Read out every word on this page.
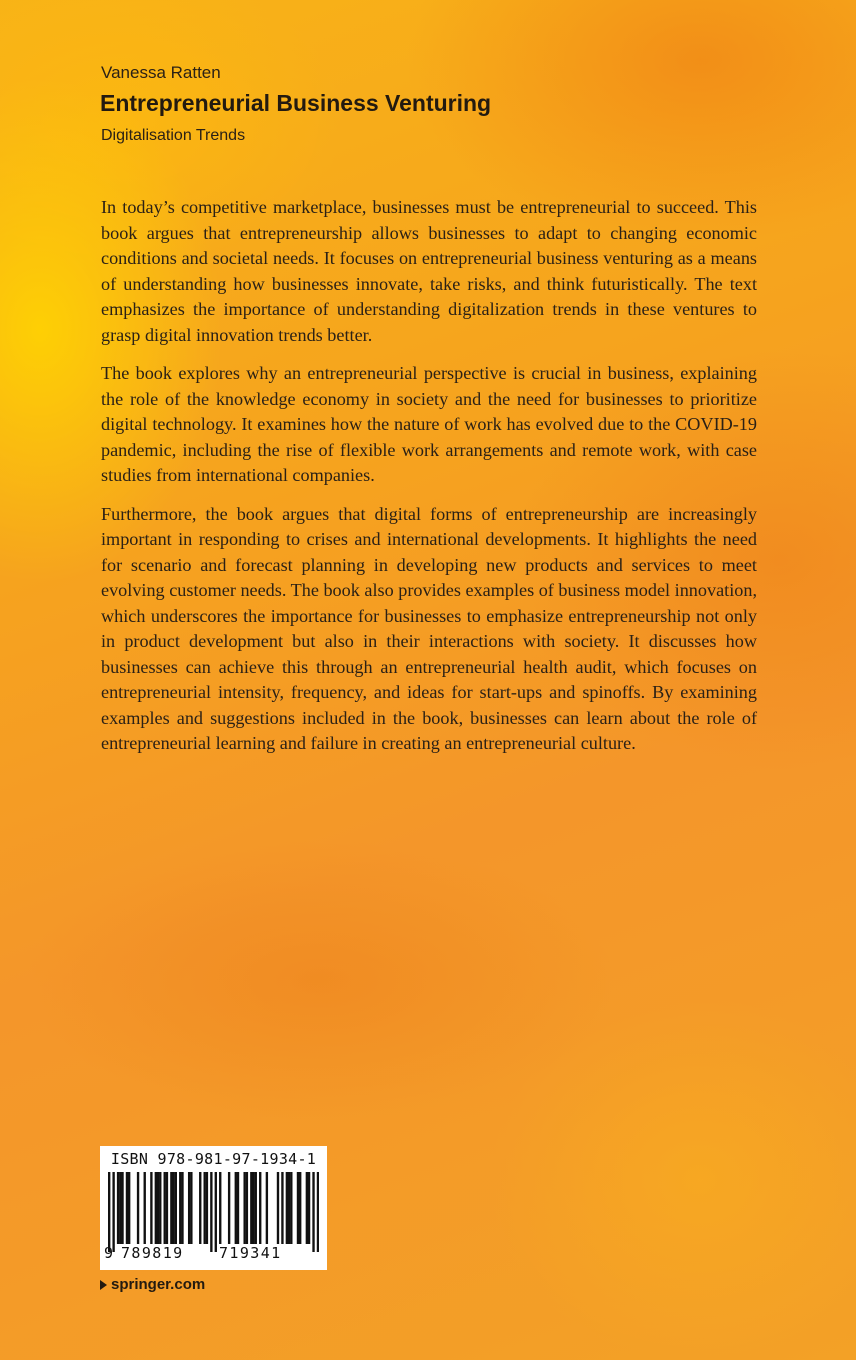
Vanessa Ratten
Entrepreneurial Business Venturing
Digitalisation Trends

In today’s competitive marketplace, businesses must be entrepreneurial to succeed. This book argues that entrepreneurship allows businesses to adapt to changing economic conditions and societal needs. It focuses on entrepreneurial business venturing as a means of understanding how businesses innovate, take risks, and think futuristically. The text emphasizes the importance of understanding digitalization trends in these ventures to grasp digital innovation trends better.

The book explores why an entrepreneurial perspective is crucial in business, explaining the role of the knowledge economy in society and the need for businesses to prioritize digital technology. It examines how the nature of work has evolved due to the COVID-19 pandemic, including the rise of flexible work arrangements and remote work, with case studies from international companies.

Furthermore, the book argues that digital forms of entrepreneurship are increasingly important in responding to crises and international developments. It highlights the need for scenario and forecast planning in developing new products and services to meet evolving customer needs. The book also provides examples of business model innovation, which underscores the importance for businesses to emphasize entrepreneurship not only in product development but also in their interactions with society. It discusses how businesses can achieve this through an entrepreneurial health audit, which focuses on entrepreneurial intensity, frequency, and ideas for start-ups and spinoffs. By examining examples and suggestions included in the book, businesses can learn about the role of entrepreneurial learning and failure in creating an entrepreneurial culture.

ISBN 978-981-97-1934-1
9 789819 719341
springer.com
